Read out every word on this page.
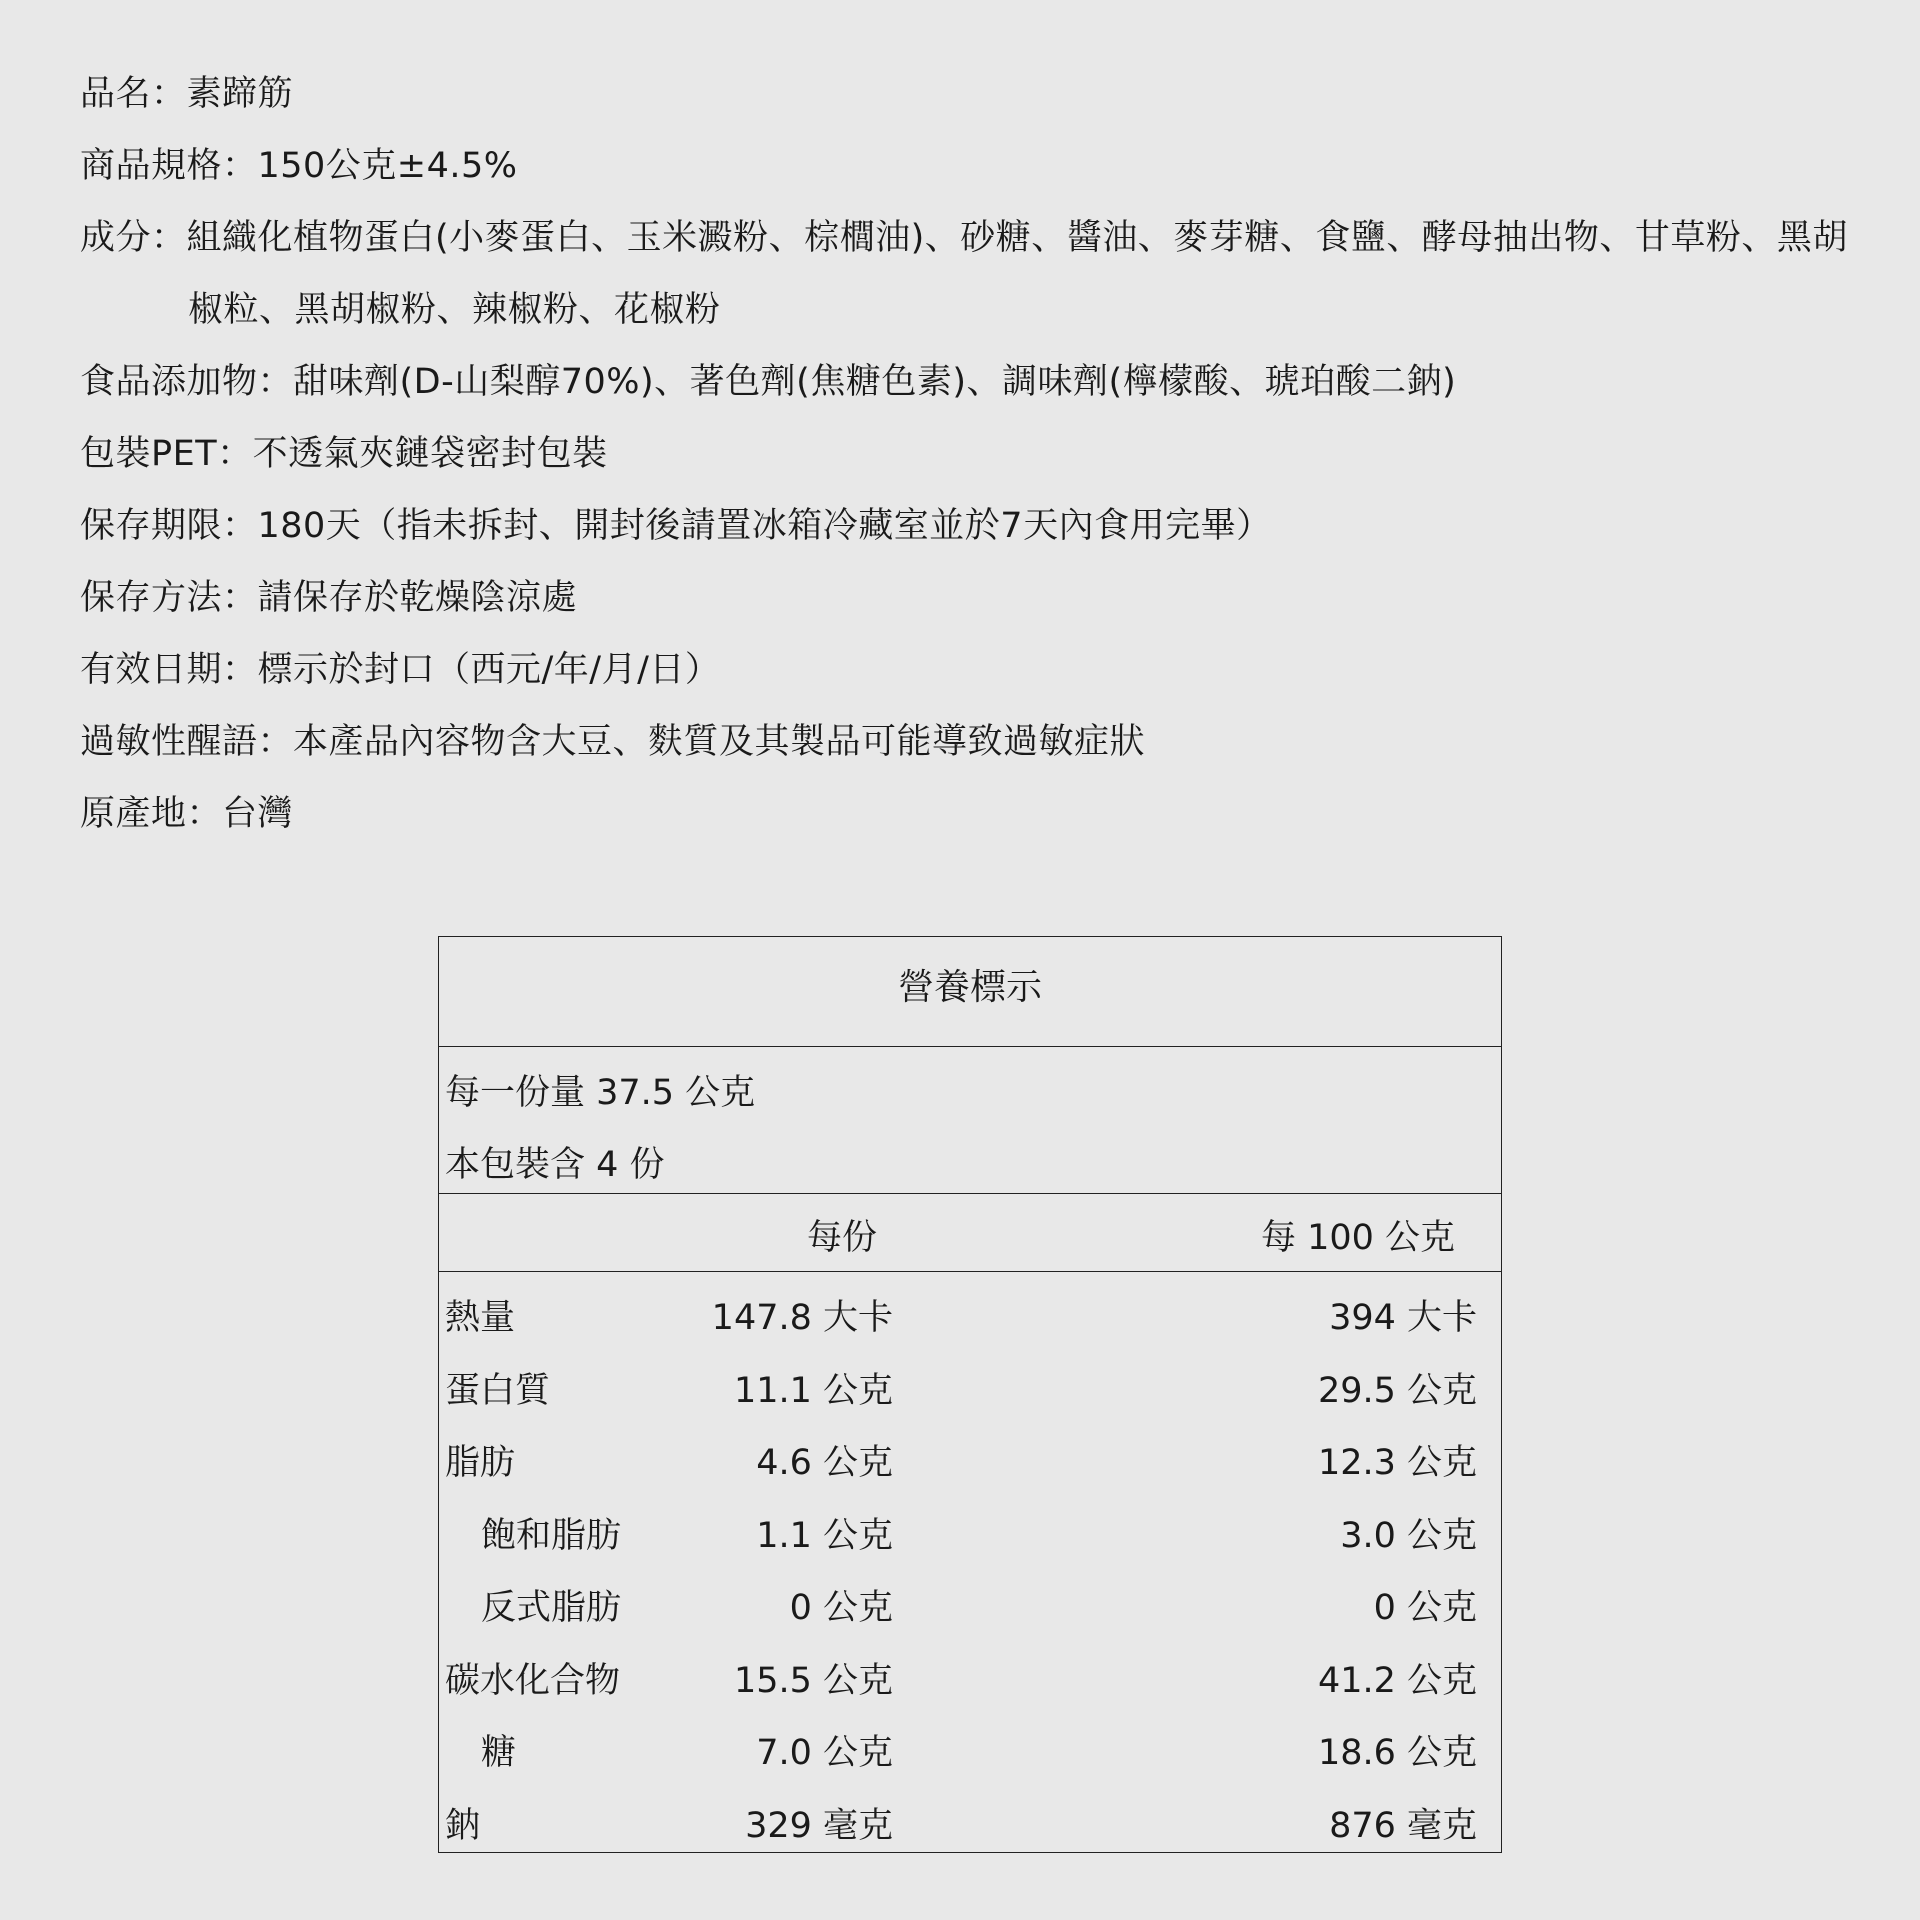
品名：素蹄筋
商品規格：150公克±4.5%
成分：組織化植物蛋白(小麥蛋白、玉米澱粉、棕櫚油)、砂糖、醬油、麥芽糖、食鹽、酵母抽出物、甘草粉、黑胡
椒粒、黑胡椒粉、辣椒粉、花椒粉
食品添加物：甜味劑(D-山梨醇70%)、著色劑(焦糖色素)、調味劑(檸檬酸、琥珀酸二鈉)
包裝PET：不透氣夾鏈袋密封包裝
保存期限：180天（指未拆封、開封後請置冰箱冷藏室並於7天內食用完畢）
保存方法：請保存於乾燥陰涼處
有效日期：標示於封口（西元/年/月/日）
過敏性醒語：本產品內容物含大豆、麩質及其製品可能導致過敏症狀
原產地：台灣
營養標示
每一份量 37.5 公克
本包裝含 4 份
每份	每 100 公克
熱量	147.8 大卡	394 大卡
蛋白質	11.1 公克	29.5 公克
脂肪	4.6 公克	12.3 公克
飽和脂肪	1.1 公克	3.0 公克
反式脂肪	0 公克	0 公克
碳水化合物	15.5 公克	41.2 公克
糖	7.0 公克	18.6 公克
鈉	329 毫克	876 毫克
